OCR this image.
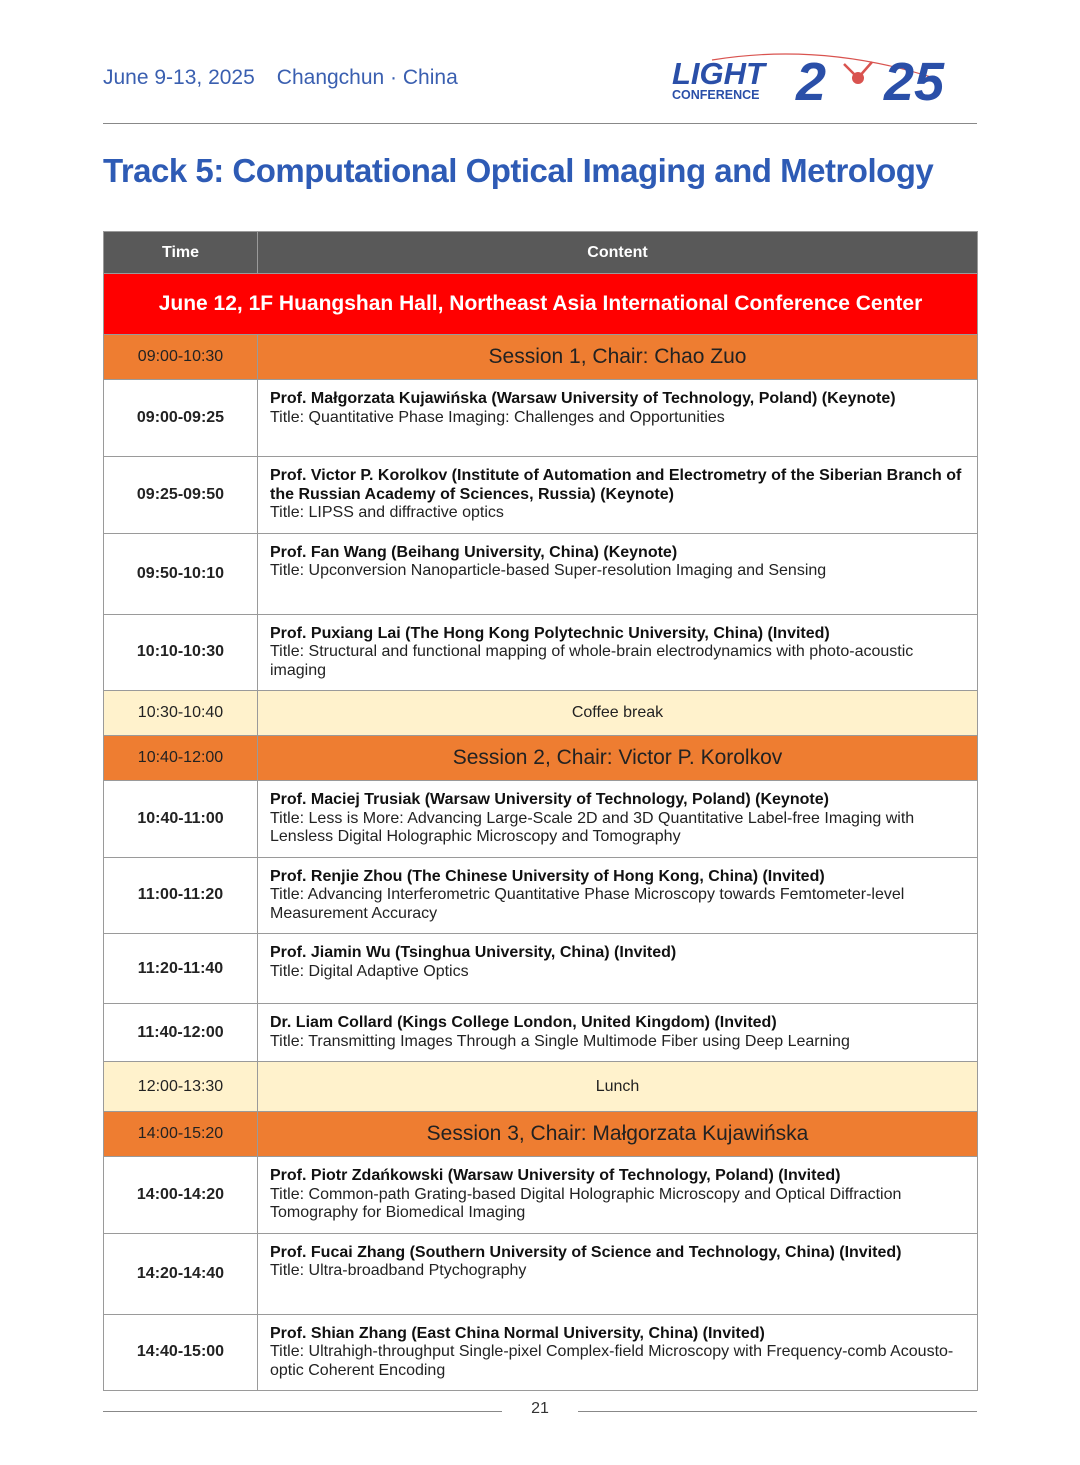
June 9-13, 2025 Changchun · China	LIGHT
CONFERENCE 2 25
Track 5: Computational Optical Imaging and Metrology
Time	Content
June 12, 1F Huangshan Hall, Northeast Asia International Conference Center	
09:00-10:30	Session 1, Chair: Chao Zuo
09:00-09:25	Prof. Małgorzata Kujawińska (Warsaw University of Technology, Poland) (Keynote)
Title: Quantitative Phase Imaging: Challenges and Opportunities

09:25-09:50	Prof. Victor P. Korolkov (Institute of Automation and Electrometry of the Siberian Branch of the Russian Academy of Sciences, Russia) (Keynote)
Title: LIPSS and diffractive optics

09:50-10:10	Prof. Fan Wang (Beihang University, China) (Keynote)
Title: Upconversion Nanoparticle-based Super-resolution Imaging and Sensing

10:10-10:30	Prof. Puxiang Lai (The Hong Kong Polytechnic University, China) (Invited)
Title: Structural and functional mapping of whole-brain electrodynamics with photo-acoustic imaging

10:30-10:40	Coffee break
10:40-12:00	Session 2, Chair: Victor P. Korolkov
10:40-11:00	Prof. Maciej Trusiak (Warsaw University of Technology, Poland) (Keynote)
Title: Less is More: Advancing Large-Scale 2D and 3D Quantitative Label-free Imaging with Lensless Digital Holographic Microscopy and Tomography

11:00-11:20	Prof. Renjie Zhou (The Chinese University of Hong Kong, China) (Invited)
Title: Advancing Interferometric Quantitative Phase Microscopy towards Femtometer-level Measurement Accuracy

11:20-11:40	Prof. Jiamin Wu (Tsinghua University, China) (Invited)
Title: Digital Adaptive Optics

11:40-12:00	Dr. Liam Collard (Kings College London, United Kingdom) (Invited)
Title: Transmitting Images Through a Single Multimode Fiber using Deep Learning

12:00-13:30	Lunch
14:00-15:20	Session 3, Chair: Małgorzata Kujawińska
14:00-14:20	Prof. Piotr Zdańkowski (Warsaw University of Technology, Poland) (Invited)
Title: Common-path Grating-based Digital Holographic Microscopy and Optical Diffraction Tomography for Biomedical Imaging

14:20-14:40	Prof. Fucai Zhang (Southern University of Science and Technology, China) (Invited)
Title: Ultra-broadband Ptychography

14:40-15:00	Prof. Shian Zhang (East China Normal University, China) (Invited)
Title: Ultrahigh-throughput Single-pixel Complex-field Microscopy with Frequency-comb Acousto-optic Coherent Encoding
21
